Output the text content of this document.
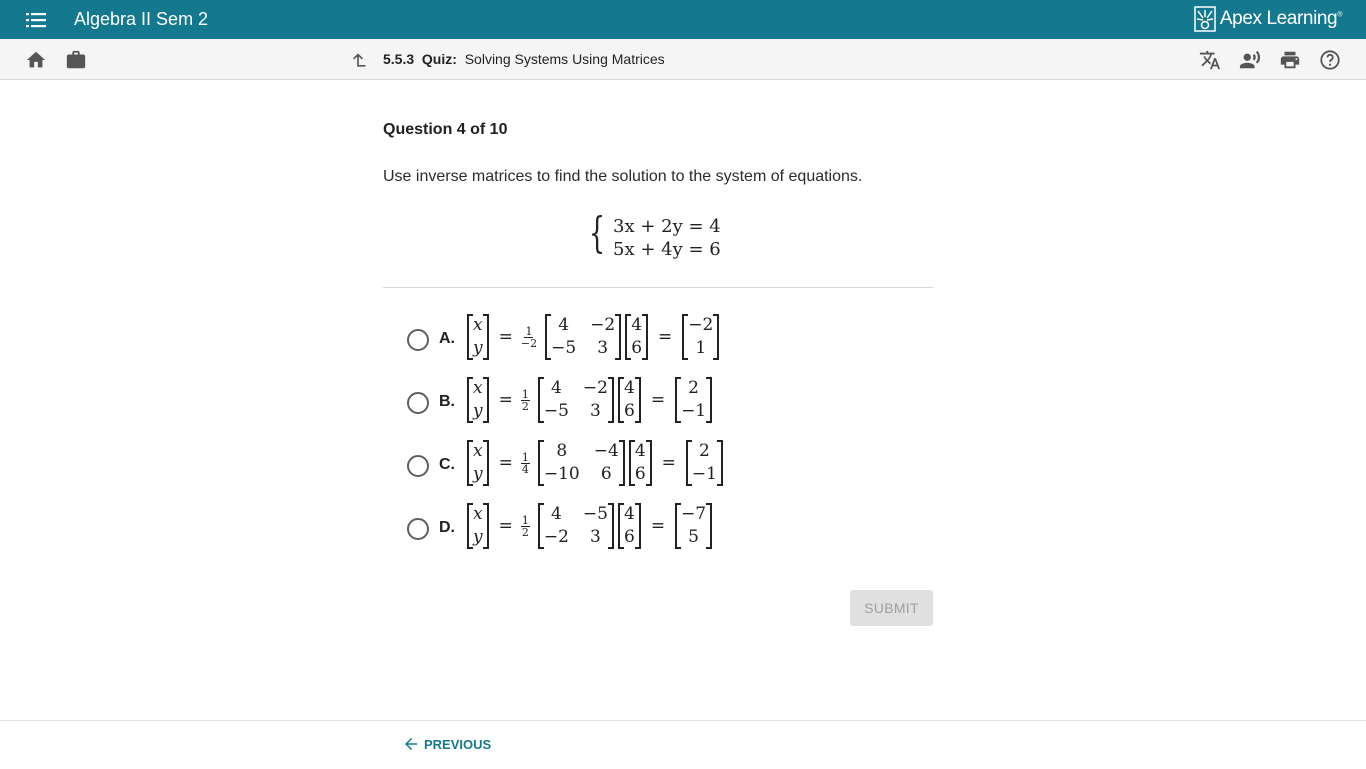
Algebra II Sem 2	Apex Learning®
5.5.3 Quiz: Solving Systems Using Matrices
Question 4 of 10
Use inverse matrices to find the solution to the system of equations.
{ 3x + 2y = 4
5x + 4y = 6
A.
x
y
= $\frac{1}{-2}$
4	−2
−5	3
4
6
=
−2
1
B.
x
y
= $\frac{1}{2}$
4	−2
−5	3
4
6
=
2
−1
C.
x
y
= $\frac{1}{4}$
8	−4
−10	6
4
6
=
2
−1
D.
x
y
= $\frac{1}{2}$
4	−5
−2	3
4
6
=
−7
5
SUBMIT
PREVIOUS
